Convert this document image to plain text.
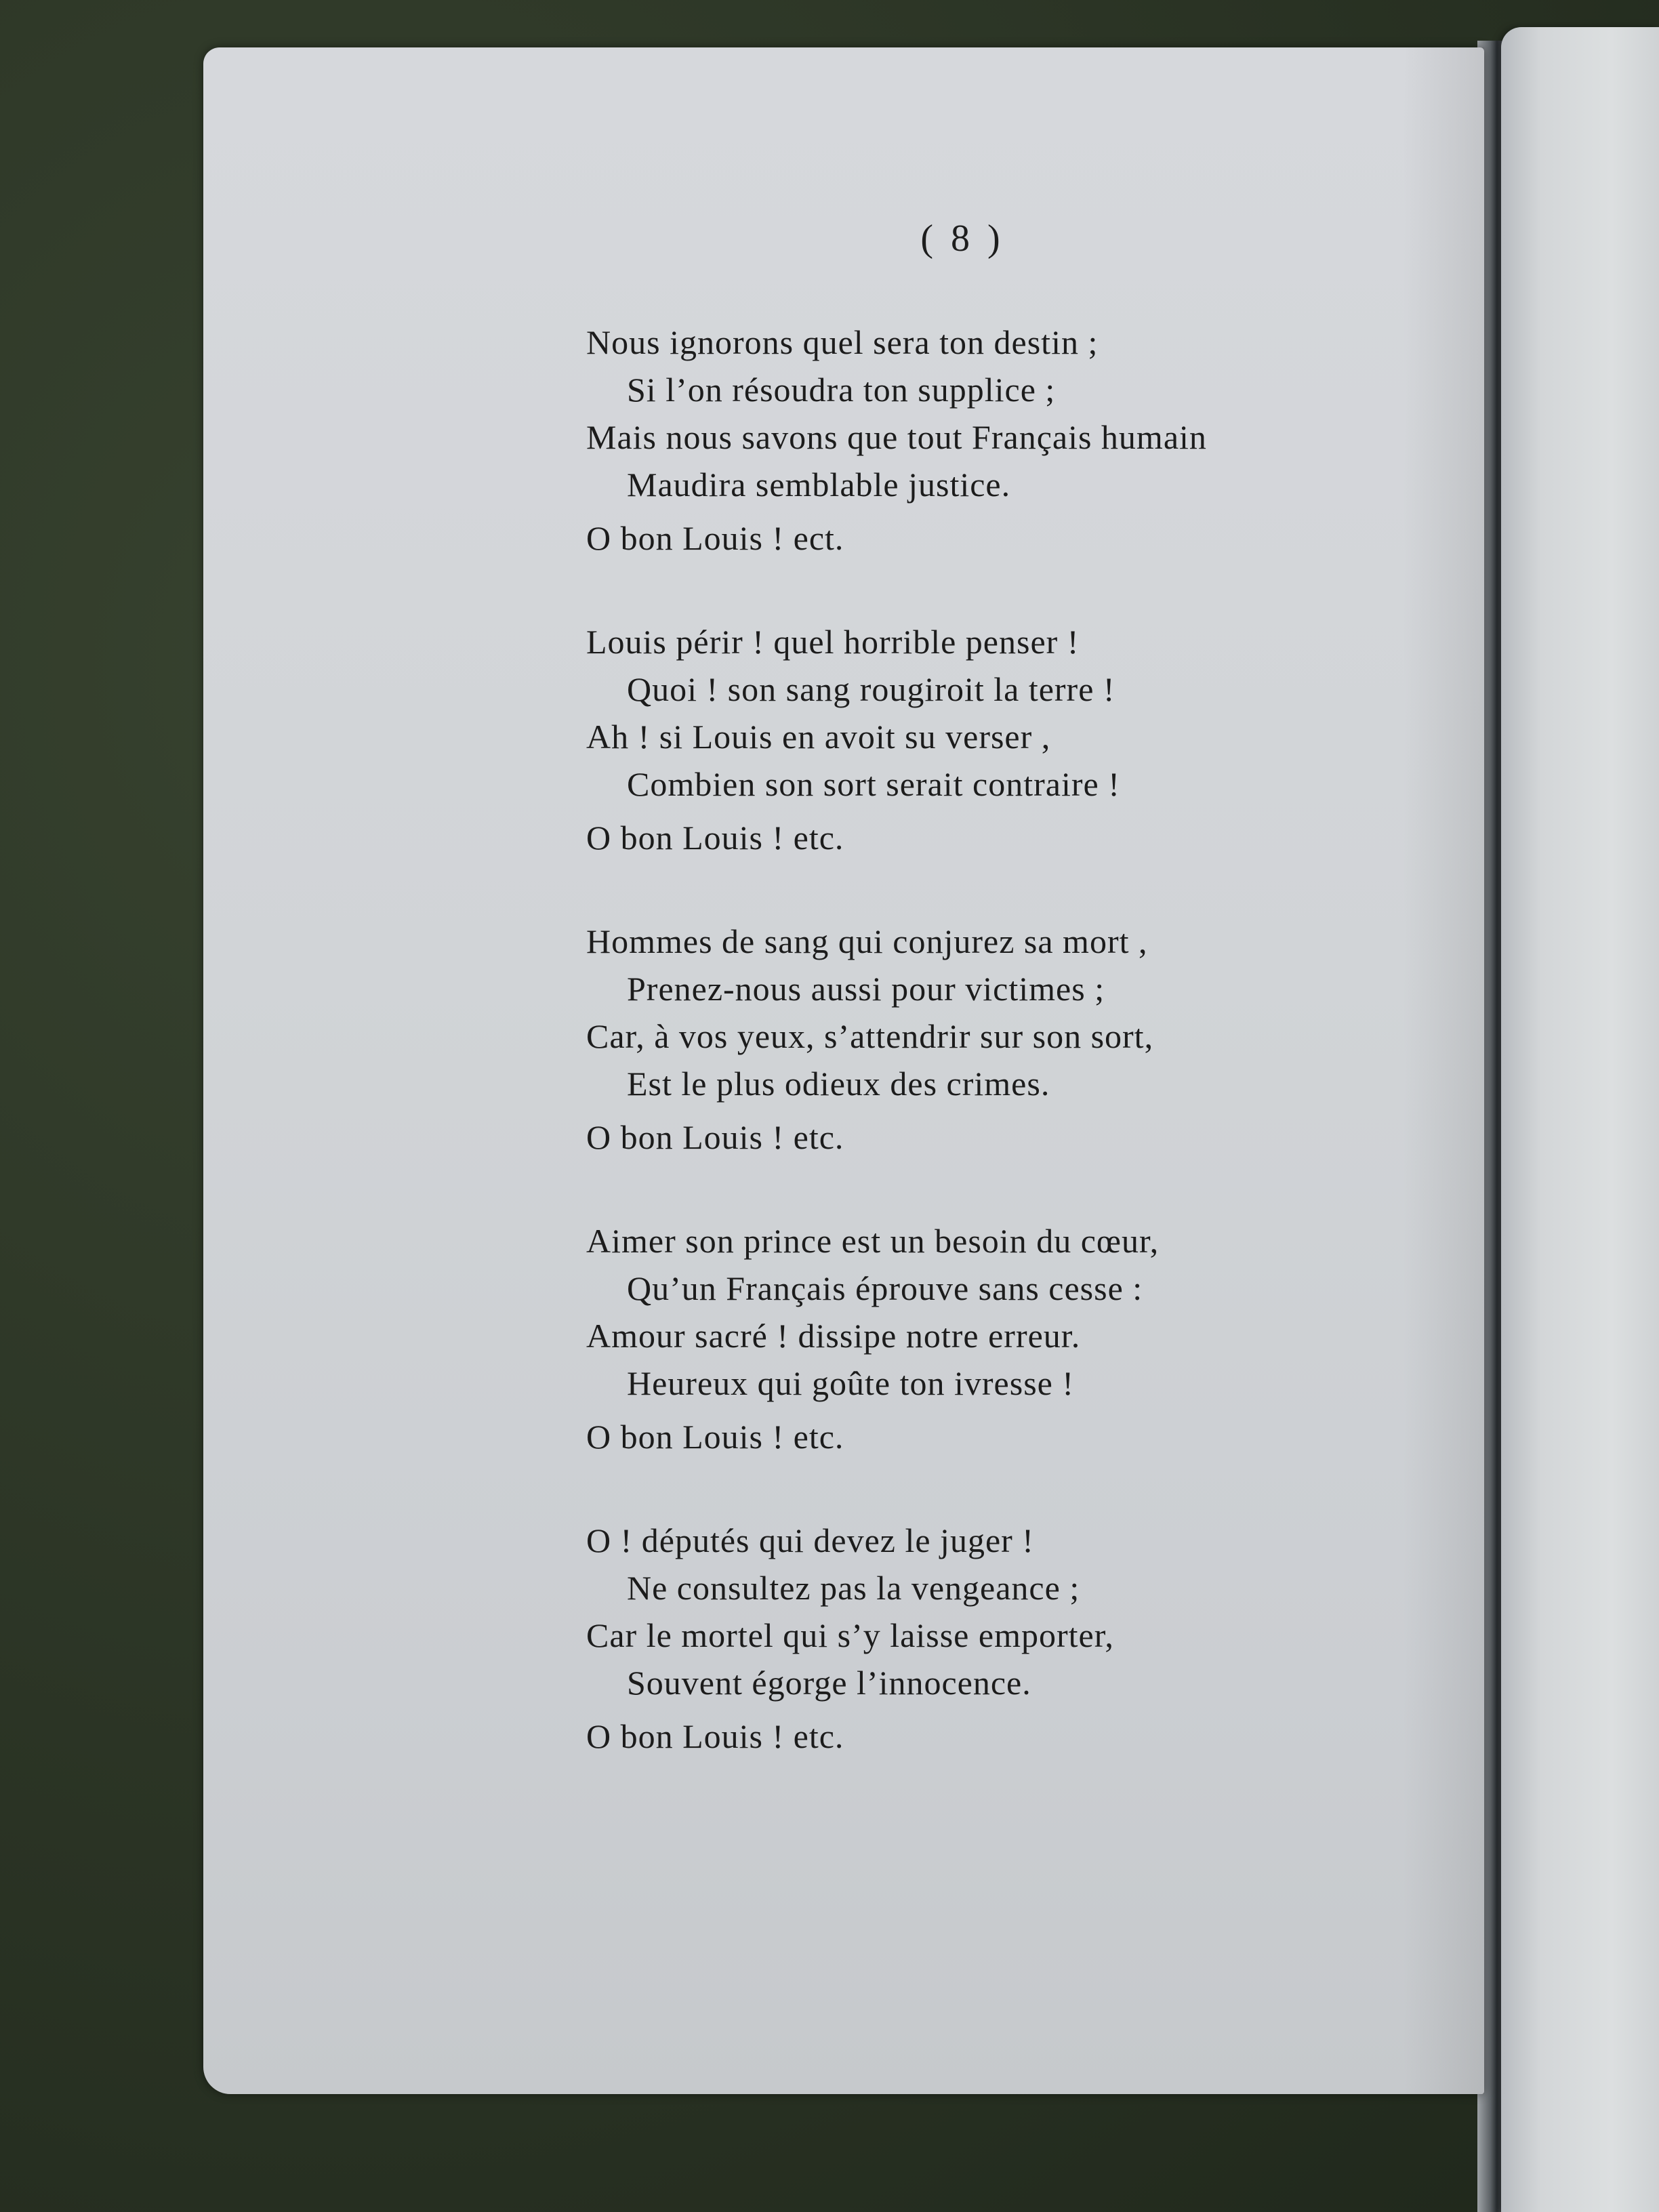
( 8 )

Nous ignorons quel sera ton destin ;

Si l’on résoudra ton supplice ;

Mais nous savons que tout Français humain

Maudira semblable justice.

O bon Louis ! ect.

Louis périr ! quel horrible penser !

Quoi ! son sang rougiroit la terre !

Ah ! si Louis en avoit su verser ,

Combien son sort serait contraire !

O bon Louis ! etc.

Hommes de sang qui conjurez sa mort ,

Prenez-nous aussi pour victimes ;

Car, à vos yeux, s’attendrir sur son sort,

Est le plus odieux des crimes.

O bon Louis ! etc.

Aimer son prince est un besoin du cœur,

Qu’un Français éprouve sans cesse :

Amour sacré ! dissipe notre erreur.

Heureux qui goûte ton ivresse !

O bon Louis ! etc.

O ! députés qui devez le juger !

Ne consultez pas la vengeance ;

Car le mortel qui s’y laisse emporter,

Souvent égorge l’innocence.

O bon Louis ! etc.
